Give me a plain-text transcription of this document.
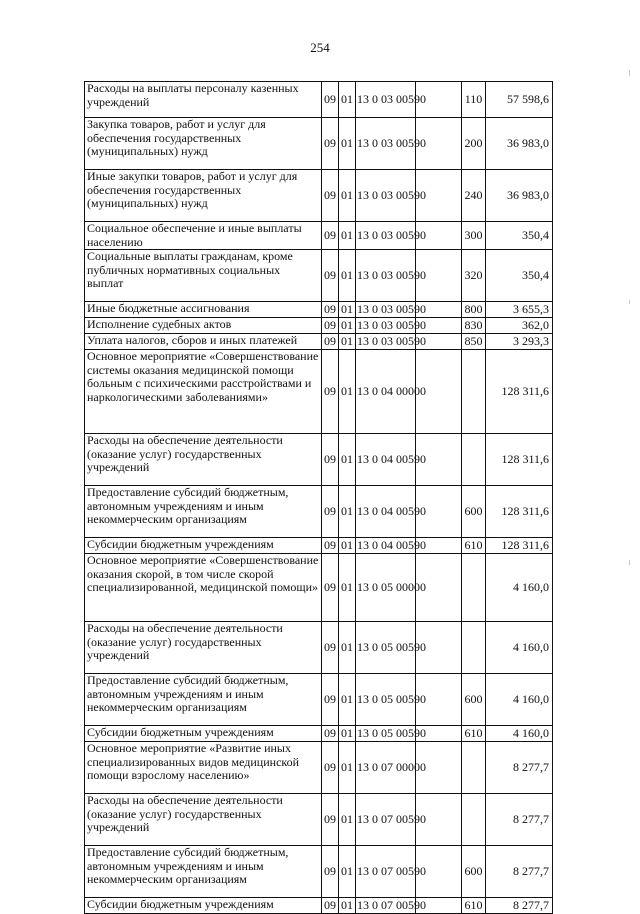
254
Расходы на выплаты персоналу казенных учреждений	09	01	13 0 03 00590		110	57 598,6
Закупка товаров, работ и услуг для обеспечения государственных (муниципальных) нужд	09	01	13 0 03 00590		200	36 983,0
Иные закупки товаров, работ и услуг для обеспечения государственных (муниципальных) нужд	09	01	13 0 03 00590		240	36 983,0
Социальное обеспечение и иные выплаты населению	09	01	13 0 03 00590		300	350,4
Социальные выплаты гражданам, кроме публичных нормативных социальных выплат	09	01	13 0 03 00590		320	350,4
Иные бюджетные ассигнования	09	01	13 0 03 00590		800	3 655,3
Исполнение судебных актов	09	01	13 0 03 00590		830	362,0
Уплата налогов, сборов и иных платежей	09	01	13 0 03 00590		850	3 293,3
Основное мероприятие «Совершенствование системы оказания медицинской помощи больным с психическими расстройствами и наркологическими заболеваниями»	09	01	13 0 04 00000			128 311,6
Расходы на обеспечение деятельности (оказание услуг) государственных учреждений	09	01	13 0 04 00590			128 311,6
Предоставление субсидий бюджетным, автономным учреждениям и иным некоммерческим организациям	09	01	13 0 04 00590		600	128 311,6
Субсидии бюджетным учреждениям	09	01	13 0 04 00590		610	128 311,6
Основное мероприятие «Совершенствование оказания скорой, в том числе скорой специализированной, медицинской помощи»	09	01	13 0 05 00000			4 160,0
Расходы на обеспечение деятельности (оказание услуг) государственных учреждений	09	01	13 0 05 00590			4 160,0
Предоставление субсидий бюджетным, автономным учреждениям и иным некоммерческим организациям	09	01	13 0 05 00590		600	4 160,0
Субсидии бюджетным учреждениям	09	01	13 0 05 00590		610	4 160,0
Основное мероприятие «Развитие иных специализированных видов медицинской помощи взрослому населению»	09	01	13 0 07 00000			8 277,7
Расходы на обеспечение деятельности (оказание услуг) государственных учреждений	09	01	13 0 07 00590			8 277,7
Предоставление субсидий бюджетным, автономным учреждениям и иным некоммерческим организациям	09	01	13 0 07 00590		600	8 277,7
Субсидии бюджетным учреждениям	09	01	13 0 07 00590		610	8 277,7
